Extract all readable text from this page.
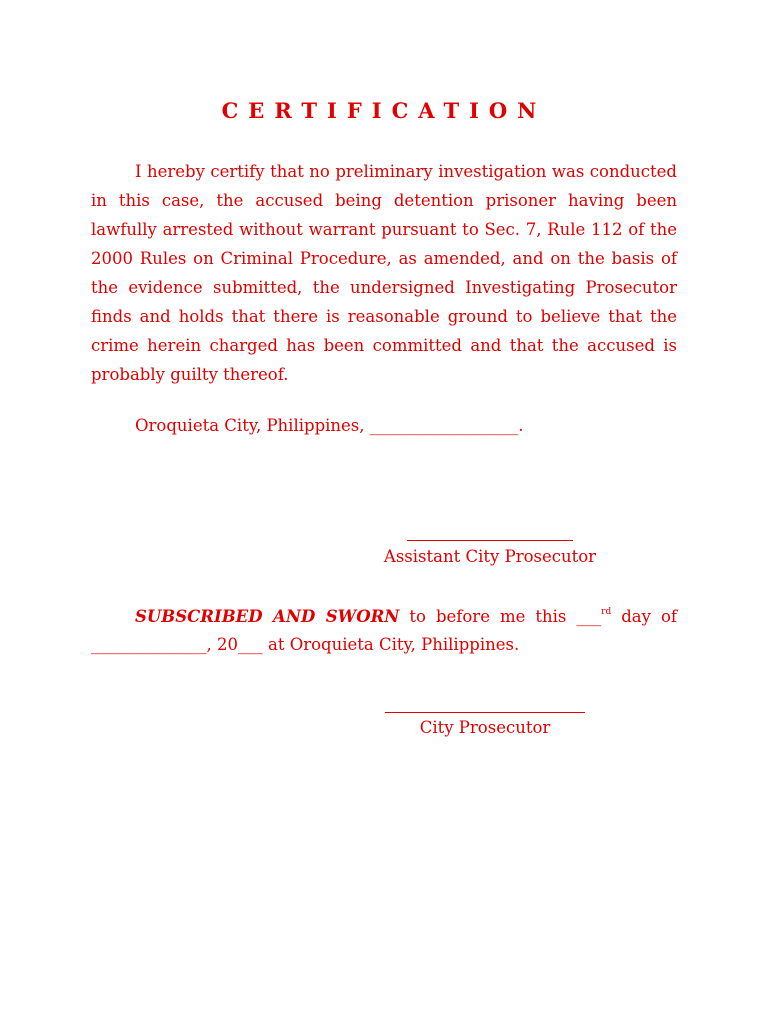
CERTIFICATION

I hereby certify that no preliminary investigation was conducted in this case, the accused being detention prisoner having been lawfully arrested without warrant pursuant to Sec. 7, Rule 112 of the 2000 Rules on Criminal Procedure, as amended, and on the basis of the evidence submitted, the undersigned Investigating Prosecutor finds and holds that there is reasonable ground to believe that the crime herein charged has been committed and that the accused is probably guilty thereof.

Oroquieta City, Philippines, __________________.
Assistant City Prosecutor

SUBSCRIBED AND SWORN to before me this ___$^{rd}$ day of ______________, 20___ at Oroquieta City, Philippines.

City Prosecutor
